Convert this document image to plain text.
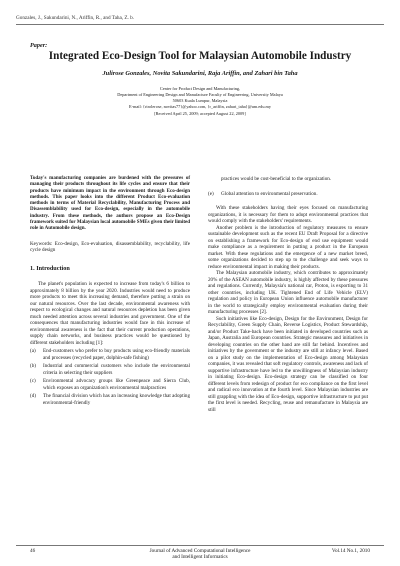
Gonzales, J., Sakundarini, N., Ariffin, R., and Taha, Z. b.
Paper:
Integrated Eco-Design Tool for Malaysian Automobile Industry
Julirose Gonzales, Novita Sakundarini, Raja Ariffin, and Zahari bin Taha
Center for Product Design and Manufacturing,
Department of Engineering Design and Manufacture Faculty of Engineering, University Malaya
50603 Kuala Lumpur, Malaysia
E-mail: {rirolerose, novitas77}@yahoo.com, {r_ariffin, zahari_taha}@um.edu.my
[Received April 25, 2009; accepted August 22, 2009]

Today's manufacturing companies are burdened with the pressures of managing their products throughout its life cycles and ensure that their products have minimum impact in the environment through Eco-design methods. This paper looks into the different Product Eco-evaluation methods in terms of Material Recyclability, Manufacturing Process and Disassemblability used for Eco-design, especially in the automobile industry. From these methods, the authors propose an Eco-Design framework suited for Malaysian local automobile SMEs given their limited role in Automobile design.

Keywords: Eco-design, Eco-evaluation, disassemblability, recyclability, life cycle design

1. Introduction

The planet's population is expected to increase from today's 6 billion to approximately 8 billion by the year 2020. Industries would need to produce more products to meet this increasing demand, therefore putting a strain on our natural resources. Over the last decade, environmental awareness with respect to ecological changes and natural resources depletion has been given much needed attention across several industries and government. One of the consequences that manufacturing industries would face in this increase of environmental awareness is the fact that their current production operations, supply chain networks, and business practices would be questioned by different stakeholders including [1]:

(a) End-customers who prefer to buy products using eco-friendly materials and processes (recycled paper, dolphin-safe fishing)

(b) Industrial and commercial customers who include the environmental criteria in selecting their suppliers

(c) Environmental advocacy groups like Greenpeace and Sierra Club, which exposes an organization's environmental malpractices

(d) The financial division which has an increasing knowledge that adopting environmental-friendly

practices would be cost-beneficial to the organization.

(e) Global attention to environmental preservation.

With these stakeholders having their eyes focused on manufacturing organizations, it is necessary for them to adopt environmental practices that would comply with the stakeholders' requirements.

Another problem is the introduction of regulatory measures to ensure sustainable development such as the recent EU Draft Proposal for a directive on establishing a framework for Eco-design of end use equipment would make compliance as a requirement in putting a product in the European market. With these regulations and the emergence of a new market breed, some organizations decided to step up to the challenge and seek ways to reduce environmental impact in making their products.

The Malaysian automobile industry, which contributes to approximately 20% of the ASEAN automobile industry, is highly affected by these pressures and regulations. Currently, Malaysia's national car, Proton, is exporting to 31 other countries, including UK. Tightened End of Life Vehicle (ELV) regulation and policy in European Union influence automobile manufacturer in the world to strategically employ environmental evaluation during their manufacturing processes [2].

Such initiatives like Eco-design, Design for the Environment, Design for Recyclability, Green Supply Chain, Reverse Logistics, Product Stewardship, and/or Product Take-back have been initiated in developed countries such as Japan, Australia and European countries. Strategic measures and initiatives in developing countries on the other hand are still far behind. Incentives and initiatives by the government or the industry are still at infancy level. Based on a pilot study on the implementation of Eco-design among Malaysian companies, it was revealed that soft regulatory controls, awareness and lack of supportive infrastructure have led to the unwillingness of Malaysian industry in initiating Eco-design. Eco-design strategy can be classified on four different levels from redesign of product for eco compliance on the first level and radical eco innovation at the fourth level. Since Malaysian industries are still grappling with the idea of Eco-design, supportive infrastructure to put put the first level is needed. Recycling, reuse and remanufacture in Malaysia are still

46	Journal of Advanced Computational Intelligence
and Intelligent Informatics
Vol.14 No.1, 2010
